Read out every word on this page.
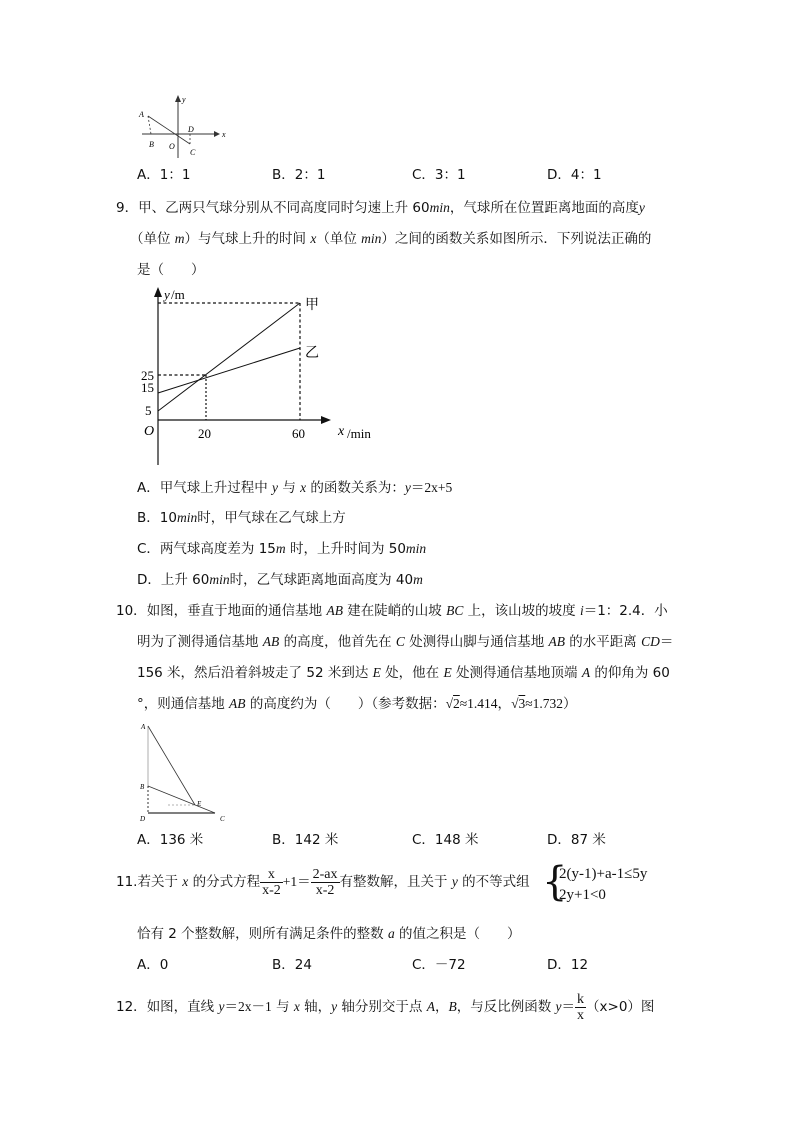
A
B O
D
C
x
y
A．1：1	B．2：1	C．3：1	D．4：1
9．甲、乙两只气球分别从不同高度同时匀速上升 60min，气球所在位置距离地面的高度y
（单位 m）与气球上升的时间 x（单位 min）之间的函数关系如图所示．下列说法正确的
是（　　）
y /m
25
15
5
O	20	60 x /min
甲
乙
A．甲气球上升过程中 y 与 x 的函数关系为：y＝2x+5
B．10min时，甲气球在乙气球上方
C．两气球高度差为 15m 时，上升时间为 50min
D．上升 60min时，乙气球距离地面高度为 40m
10．如图，垂直于地面的通信基地 AB 建在陡峭的山坡 BC 上，该山坡的坡度 i＝1：2.4．小
明为了测得通信基地 AB 的高度，他首先在 C 处测得山脚与通信基地 AB 的水平距离 CD＝
156 米，然后沿着斜坡走了 52 米到达 E 处，他在 E 处测得通信基地顶端 A 的仰角为 60
°，则通信基地 AB 的高度约为（　　）（参考数据：√2≈1.414，√3≈1.732）
A
B
D
E
C
A．136 米	B．142 米	C．148 米	D．87 米
11.若关于 x 的分式方程 $\frac{x}{x-2} +1= \frac{2-ax}{x-2}$ 有整数解，且关于 y 的不等式组 {
2(y-1)+a-1≤5y
2y+1<0
恰有 2 个整数解，则所有满足条件的整数 a 的值之积是（　　）
A．0	B．24	C．－72	D．12
12．如图，直线 y＝2x－1 与 x 轴，y 轴分别交于点 A，B，与反比例函数 $y= \frac{k}{x} (x>0)$图
